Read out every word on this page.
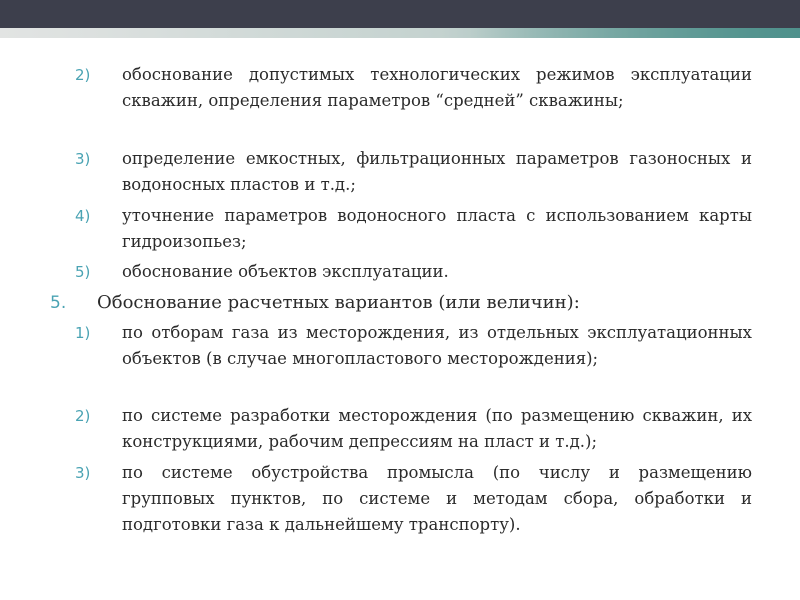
2) обоснование допустимых технологических режимов эксплуатации скважин, определения параметров “средней” скважины;
3) определение емкостных, фильтрационных параметров газоносных и водоносных пластов и т.д.;
4) уточнение параметров водоносного пласта с использованием карты гидроизопьез;
5) обоснование объектов эксплуатации.
5. Обоснование расчетных вариантов (или величин):
1) по отборам газа из месторождения, из отдельных эксплуатационных объектов (в случае многопластового месторождения);
2) по системе разработки месторождения (по размещению скважин, их конструкциями, рабочим депрессиям на пласт и т.д.);
3) по системе обустройства промысла (по числу и размещению групповых пунктов, по системе и методам сбора, обработки и подготовки газа к дальнейшему транспорту).
